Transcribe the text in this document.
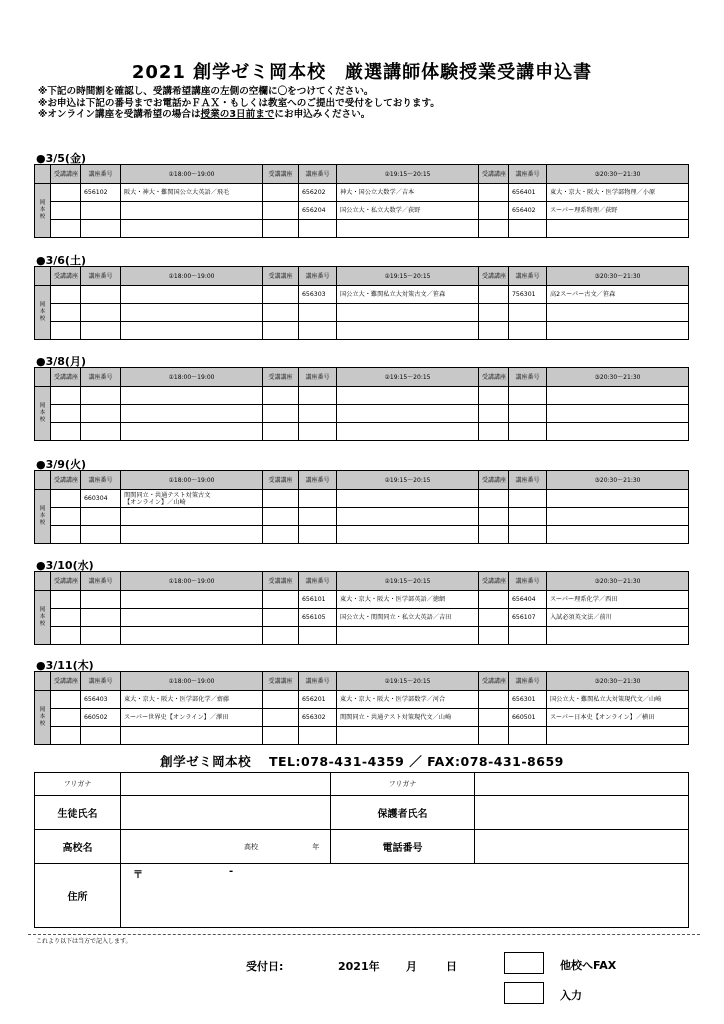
2021 創学ゼミ岡本校　厳選講師体験授業受講申込書
※下記の時間割を確認し、受講希望講座の左側の空欄に〇をつけてください。
※お申込は下記の番号までお電話かＦＡＸ・もしくは教室へのご提出で受付をしております。
※オンライン講座を受講希望の場合は授業の3日前までにお申込みください。
●3/5(金)
	受講講座	講座番号	①18:00～19:00	受講講座	講座番号	②19:15～20:15	受講講座	講座番号	③20:30～21:30
岡本校		656102	阪大・神大・難関国公立大英語／飛毛		656202	神大・国公立大数学／吉本		656401	東大・京大・阪大・医学部物理／小原
					656204	国公立大・私立大数学／荻野		656402	スーパー理系物理／荻野

●3/6(土)
	受講講座	講座番号	①18:00～19:00	受講講座	講座番号	②19:15～20:15	受講講座	講座番号	③20:30～21:30
岡本校					656303	国公立大・難関私立大対策古文／笹森		756301	高2スーパー古文／笹森

●3/8(月)
	受講講座	講座番号	①18:00～19:00	受講講座	講座番号	②19:15～20:15	受講講座	講座番号	③20:30～21:30
岡本校									

●3/9(火)
	受講講座	講座番号	①18:00～19:00	受講講座	講座番号	②19:15～20:15	受講講座	講座番号	③20:30～21:30
岡本校		660304	関関同立・共通テスト対策古文
【オンライン】／山崎						

●3/10(水)
	受講講座	講座番号	①18:00～19:00	受講講座	講座番号	②19:15～20:15	受講講座	講座番号	③20:30～21:30
岡本校					656101	東大・京大・阪大・医学部英語／徳網		656404	スーパー理系化学／西田
					656105	国公立大・関関同立・私立大英語／吉田		656107	入試必須英文法／前川

●3/11(木)
	受講講座	講座番号	①18:00～19:00	受講講座	講座番号	②19:15～20:15	受講講座	講座番号	③20:30～21:30
岡本校		656403	東大・京大・阪大・医学部化学／齋藤		656201	東大・京大・阪大・医学部数学／河合		656301	国公立大・難関私立大対策現代文／山崎
		660502	スーパー世界史【オンライン】／澤田		656302	関関同立・共通テスト対策現代文／山崎		660501	スーパー日本史【オンライン】／横田

創学ゼミ岡本校　 TEL:078-431-4359 ／ FAX:078-431-8659
フリガナ		フリガナ	
生徒氏名		保護者氏名	
高校名	高校 年	電話番号	
住所	〒 -		
これより以下は当方で記入します。
受付日:	2021年 月	日	他校へFAX
入力
